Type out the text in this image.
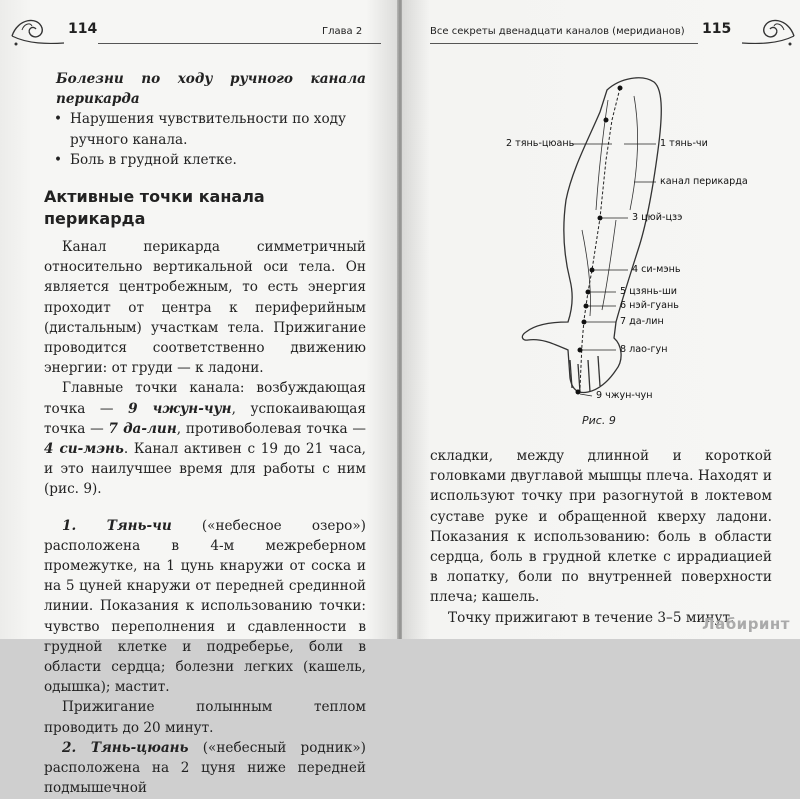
114	Глава 2

Болезни по ходу ручного канала перикарда

• Нарушения чувствительности по ходу ручного канала.
• Боль в грудной клетке.
Активные точки канала перикарда

Канал перикарда симметричный относительно вертикальной оси тела. Он является центробежным, то есть энергия проходит от центра к периферийным (дистальным) участкам тела. Прижигание проводится соответственно движению энергии: от груди — к ладони.

Главные точки канала: возбуждающая точка — 9 чжун-чун, успокаивающая точка — 7 да-лин, противоболевая точка — 4 си-мэнь. Канал активен с 19 до 21 часа, и это наилучшее время для работы с ним (рис. 9).

1. Тянь-чи («небесное озеро») расположена в 4-м межреберном промежутке, на 1 цунь кнаружи от соска и на 5 цуней кнаружи от передней срединной линии. Показания к использованию точки: чувство переполнения и сдавленности в грудной клетке и подреберье, боли в области сердца; болезни легких (кашель, одышка); мастит.

Прижигание полынным теплом проводить до 20 минут.

2. Тянь-цюань («небесный родник») расположена на 2 цуня ниже передней подмышечной

Все секреты двенадцати каналов (меридианов) 115
2 тянь-цюань	1 тянь-чи
канал перикарда
3 цюй-цзэ
4 си-мэнь
5 цзянь-ши
6 нэй-гуань
7 да-лин
8 лао-гун
9 чжун-чун
Рис. 9

складки, между длинной и короткой головками двуглавой мышцы плеча. Находят и используют точку при разогнутой в локтевом суставе руке и обращенной кверху ладони. Показания к использованию: боль в области сердца, боль в грудной клетке с иррадиацией в лопатку, боли по внутренней поверхности плеча; кашель.

Точку прижигают в течение 3–5 минут.

Лабиринт
